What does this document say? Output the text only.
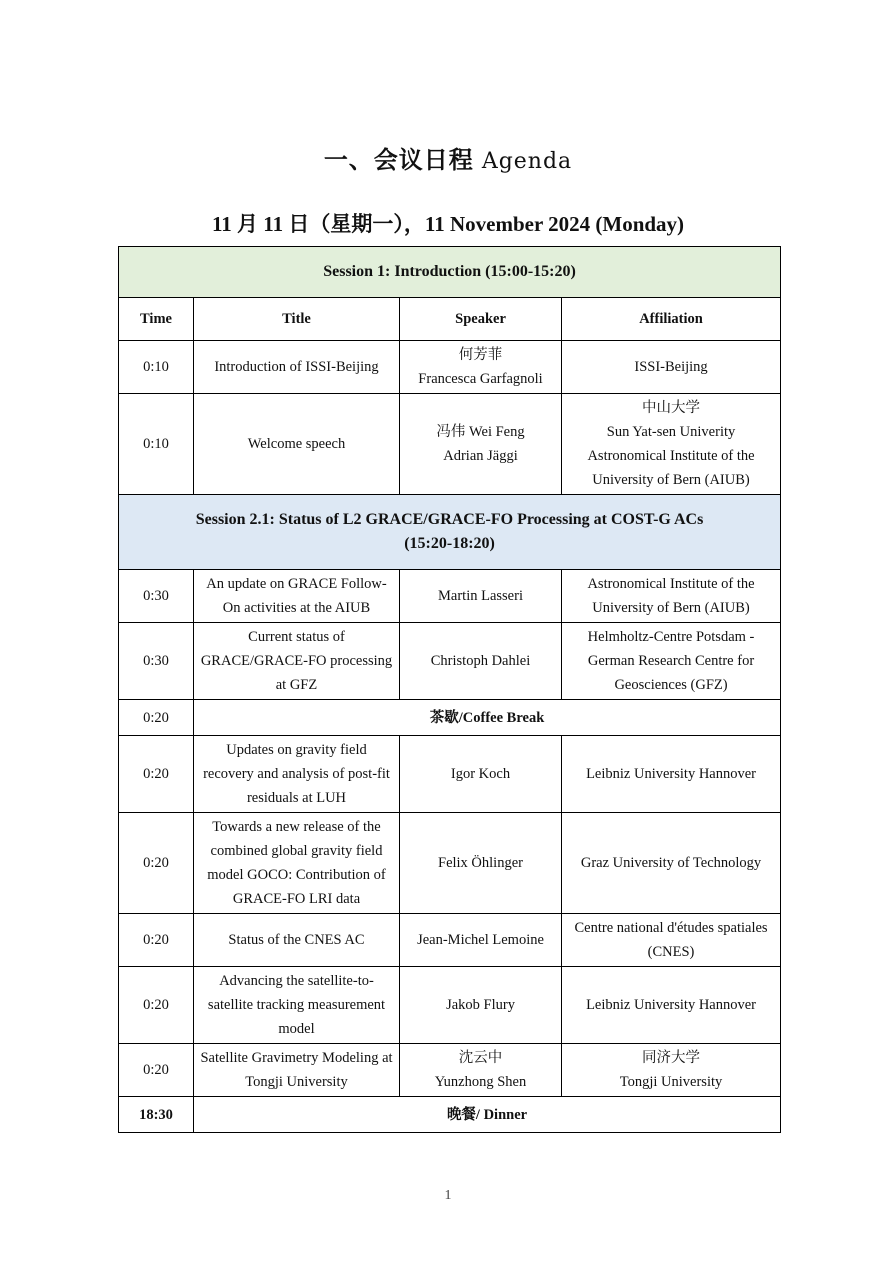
一、会议日程 Agenda
11 月 11 日（星期一），11 November 2024 (Monday)
Session 1: Introduction (15:00-15:20)			
Time	Title	Speaker	Affiliation
0:10	Introduction of ISSI-Beijing	何芳菲
Francesca Garfagnoli	ISSI-Beijing

0:10	Welcome speech	冯伟 Wei Feng
Adrian Jäggi	中山大学
Sun Yat-sen Univerity
Astronomical Institute of the
University of Bern (AIUB)

Session 2.1: Status of L2 GRACE/GRACE-FO Processing at COST-G ACs
(15:20-18:20)			

0:30	An update on GRACE Follow-
On activities at the AIUB	Martin Lasseri	Astronomical Institute of the
University of Bern (AIUB)

0:30	Current status of
GRACE/GRACE-FO processing
at GFZ	Christoph Dahlei	Helmholtz-Centre Potsdam -
German Research Centre for
Geosciences (GFZ)

0:20	茶歇/Coffee Break		
0:20	Updates on gravity field
recovery and analysis of post-fit
residuals at LUH	Igor Koch	Leibniz University Hannover

0:20	Towards a new release of the
combined global gravity field
model GOCO: Contribution of
GRACE-FO LRI data	Felix Öhlinger	Graz University of Technology

0:20	Status of the CNES AC	Jean-Michel Lemoine	Centre national d'études spatiales
(CNES)

0:20	Advancing the satellite-to-
satellite tracking measurement
model	Jakob Flury	Leibniz University Hannover

0:20	Satellite Gravimetry Modeling at
Tongji University	沈云中
Yunzhong Shen	同济大学
Tongji University

18:30	晚餐/ Dinner		
1
